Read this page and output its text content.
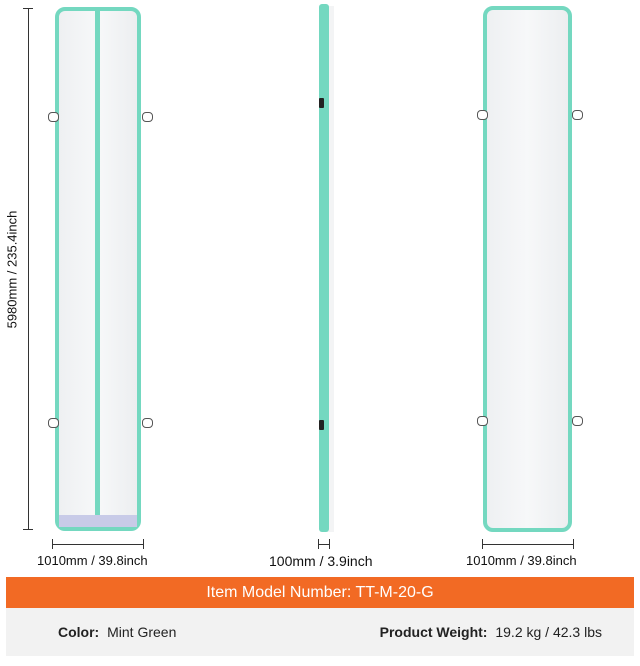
5980mm / 235.4inch
1010mm / 39.8inch	100mm / 3.9inch	1010mm / 39.8inch
Item Model Number: TT-M-20-G
Color: Mint Green	Product Weight: 19.2 kg / 42.3 lbs
